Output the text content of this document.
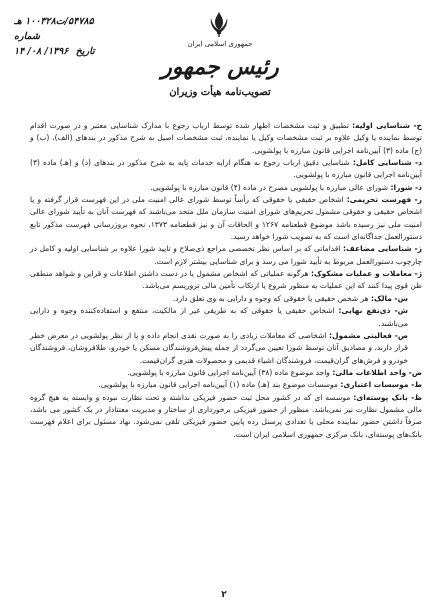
۵۴۷۸۵/ت۱۰۰۳۲۸ هـ
شماره
تاریخ ۱۳۹۶/ ۰۸/ ۱۴
جمهوری اسلامی ایران
رئیس جمهور
تصویب‌نامه هیأت وزیران

خ- شناسایی اولیه: تطبیق و ثبت مشخصات اظهار شده توسط ارباب رجوع با مدارک شناسایی معتبر و در صورت اقدام توسط نماینده یا وکیل علاوه بر ثبت مشخصات وکیل یا نماینده، ثبت مشخصات اصیل به شرح مذکور در بندهای (الف)، (ب) و (ج) ماده (۳) آیین‌نامه اجرایی قانون مبارزه با پولشویی.

د- شناسایی کامل: شناسایی دقیق ارباب رجوع به هنگام ارایه خدمات پایه به شرح مذکور در بندهای (د) و (هـ) ماده (۳) آیین‌نامه اجرایی قانون مبارزه با پولشویی.

ذ- شورا: شورای عالی مبارزه با پولشویی مصرح در ماده (۴) قانون مبارزه با پولشویی.

ر- فهرست تحریمی: اشخاص حقیقی یا حقوقی که رأساً توسط شورای عالی امنیت ملی در این فهرست قرار گرفته و یا اشخاص حقیقی و حقوقی مشمول تحریم‌های شورای امنیت سازمان ملل متحد می‌باشند که فهرست آنان به تأیید شورای عالی امنیت ملی نیز رسیده باشد موضوع قطعنامه ۱۲۶۷ و الحاقات آن و نیز قطعنامه ۱۳۷۳، نحوه بروزرسانی فهرست مذکور تابع دستورالعمل جداگانه‌ای است که به تصویب شورا خواهد رسید.

ز- شناسایی مضاعف: اقداماتی که بر اساس نظر تخصصی مراجع ذی‌صلاح و تایید شورا علاوه بر شناسایی اولیه و کامل در چارچوب دستورالعمل مربوط به تأیید شورا می رسد و برای شناسایی بیشتر لازم است.

ژ- معاملات و عملیات مشکوک: هرگونه عملیاتی که اشخاص مشمول یا در دست داشتن اطلاعات و قراین و شواهد منطقی ظن قوی پیدا کنند که این عملیات به منظور شروع یا ارتکاب تأمین مالی تروریسم می‌باشد.

س- مالک: هر شخص حقیقی یا حقوقی که وجوه و دارایی به وی تعلق دارد.

ش- ذی‌نفع نهایی: اشخاص حقیقی یا حقوقی که به طریقی غیر از مالکیت، منتفع و استفاده‌کننده وجوه و دارایی می‌باشند.

ص- فعالیتی مشمول: اشخاصی که معاملات زیادی را به صورت نقدی انجام داده و یا از نظر پولشویی در معرض خطر قرار دارند، و مصادیق آنان توسط شورا تعیین می‌گردد از جمله پیش‌فروشندگان مسکن یا خودرو، طلافروشان، فروشندگان خودرو و فرش‌های گران‌قیمت، فروشندگان اشیاء قدیمی و محصولات هنری گران‌قیمت.

ض- واحد اطلاعات مالی: واحد موضوع ماده (۳۸) آیین‌نامه اجرایی قانون مبارزه با پولشویی.

ط- موسسات اعتباری: موسسات موضوع بند (هـ) ماده (۱) آیین‌نامه اجرایی قانون مبارزه با پولشویی.

ظ- بانک پوسته‌ای: موسسه ای که در کشور محل ثبت حضور فیزیکی نداشته و تحت نظارت نبوده و وابسته به هیچ گروه مالی مشمول نظارت نیز نمی‌باشد. منظور از حضور فیزیکی برخورداری از ساختار و مدیریت معتنادار در یک کشور می باشد، صرفاً داشتن حضور نماینده محلی یا تعدادی پرسنل رده پایین حضور فیزیکی تلقی نمی‌شود. نهاد مسئول برای اعلام فهرست بانک‌های پوسته‌ای، بانک مرکزی جمهوری اسلامی ایران است.

۲
